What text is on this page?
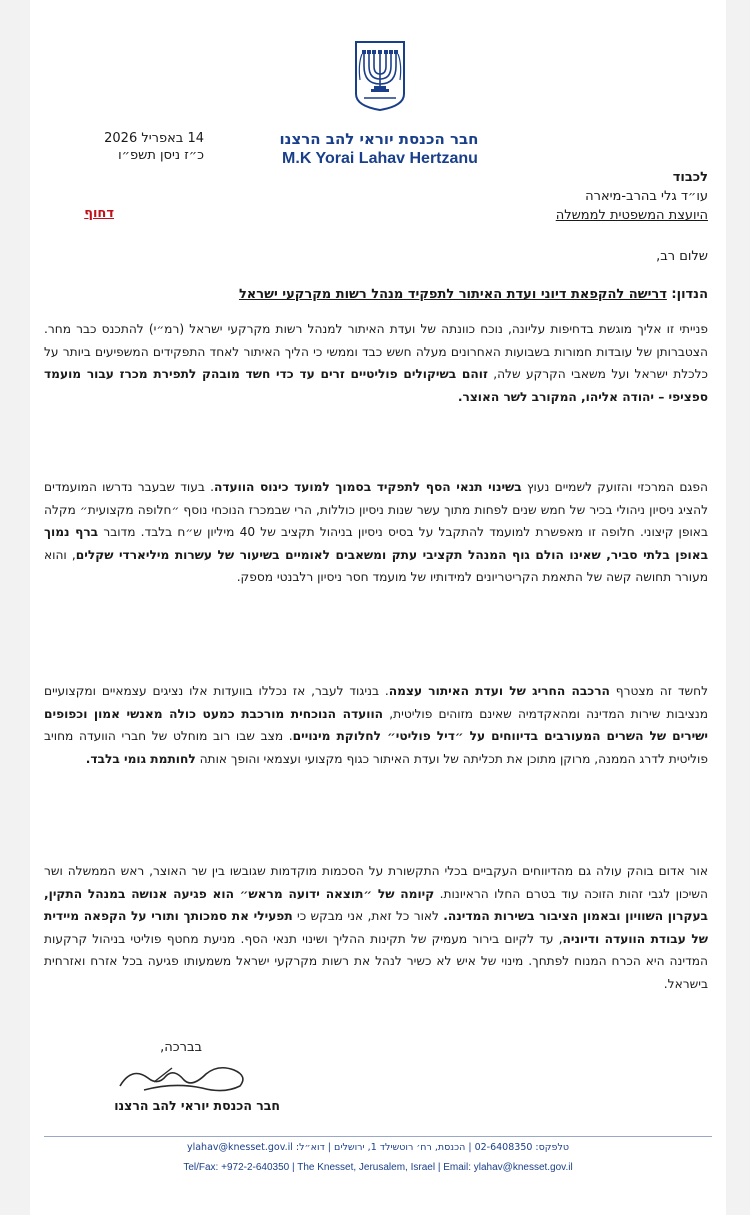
חבר הכנסת יוראי להב הרצנו
M.K Yorai Lahav Hertzanu
14 באפריל 2026
כ״ז ניסן תשפ״ו
דחוף
לכבוד
עו״ד גלי בהרב-מיארה
היועצת המשפטית לממשלה
שלום רב,
הנדון: דרישה להקפאת דיוני ועדת האיתור לתפקיד מנהל רשות מקרקעי ישראל
פנייתי זו אליך מוגשת בדחיפות עליונה, נוכח כוונתה של ועדת האיתור למנהל רשות מקרקעי ישראל (רמ״י) להתכנס כבר מחר. הצטברותן של עובדות חמורות בשבועות האחרונים מעלה חשש כבד וממשי כי הליך האיתור לאחד התפקידים המשפיעים ביותר על כלכלת ישראל ועל משאבי הקרקע שלה, זוהם בשיקולים פוליטיים זרים עד כדי חשד מובהק לתפירת מכרז עבור מועמד ספציפי – יהודה אליהו, המקורב לשר האוצר.
הפגם המרכזי והזועק לשמיים נעוץ בשינוי תנאי הסף לתפקיד בסמוך למועד כינוס הוועדה. בעוד שבעבר נדרשו המועמדים להציג ניסיון ניהולי בכיר של חמש שנים לפחות מתוך עשר שנות ניסיון כוללות, הרי שבמכרז הנוכחי נוסף ״חלופה מקצועית״ מקלה באופן קיצוני. חלופה זו מאפשרת למועמד להתקבל על בסיס ניסיון בניהול תקציב של 40 מיליון ש״ח בלבד. מדובר ברף נמוך באופן בלתי סביר, שאינו הולם גוף המנהל תקציבי עתק ומשאבים לאומיים בשיעור של עשרות מיליארדי שקלים, והוא מעורר תחושה קשה של התאמת הקריטריונים למידותיו של מועמד חסר ניסיון רלבנטי מספק.
לחשד זה מצטרף הרכבה החריג של ועדת האיתור עצמה. בניגוד לעבר, אז נכללו בוועדות אלו נציגים עצמאיים ומקצועיים מנציבות שירות המדינה ומהאקדמיה שאינם מזוהים פוליטית, הוועדה הנוכחית מורכבת כמעט כולה מאנשי אמון וכפופים ישירים של השרים המעורבים בדיווחים על ״דיל פוליטי״ לחלוקת מינויים. מצב שבו רוב מוחלט של חברי הוועדה מחויב פוליטית לדרג הממנה, מרוקן מתוכן את תכליתה של ועדת האיתור כגוף מקצועי ועצמאי והופך אותה לחותמת גומי בלבד.
אור אדום בוהק עולה גם מהדיווחים העקביים בכלי התקשורת על הסכמות מוקדמות שגובשו בין שר האוצר, ראש הממשלה ושר השיכון לגבי זהות הזוכה עוד בטרם החלו הראיונות. קיומה של ״תוצאה ידועה מראש״ הוא פגיעה אנושה במנהל התקין, בעקרון השוויון ובאמון הציבור בשירות המדינה. לאור כל זאת, אני מבקש כי תפעילי את סמכותך ותורי על הקפאה מיידית של עבודת הוועדה ודיוניה, עד לקיום בירור מעמיק של תקינות ההליך ושינוי תנאי הסף. מניעת מחטף פוליטי בניהול קרקעות המדינה היא הכרח המנוח לפתחך. מינוי של איש לא כשיר לנהל את רשות מקרקעי ישראל משמעותו פגיעה בכל אזרח ואזרחית בישראל.
בברכה,
חבר הכנסת יוראי להב הרצנו
טלפקס: 02-6408350 | הכנסת, רח׳ רוטשילד 1, ירושלים | דוא״ל: ylahav@knesset.gov.il
Tel/Fax: +972-2-640350 | The Knesset, Jerusalem, Israel | Email: ylahav@knesset.gov.il
